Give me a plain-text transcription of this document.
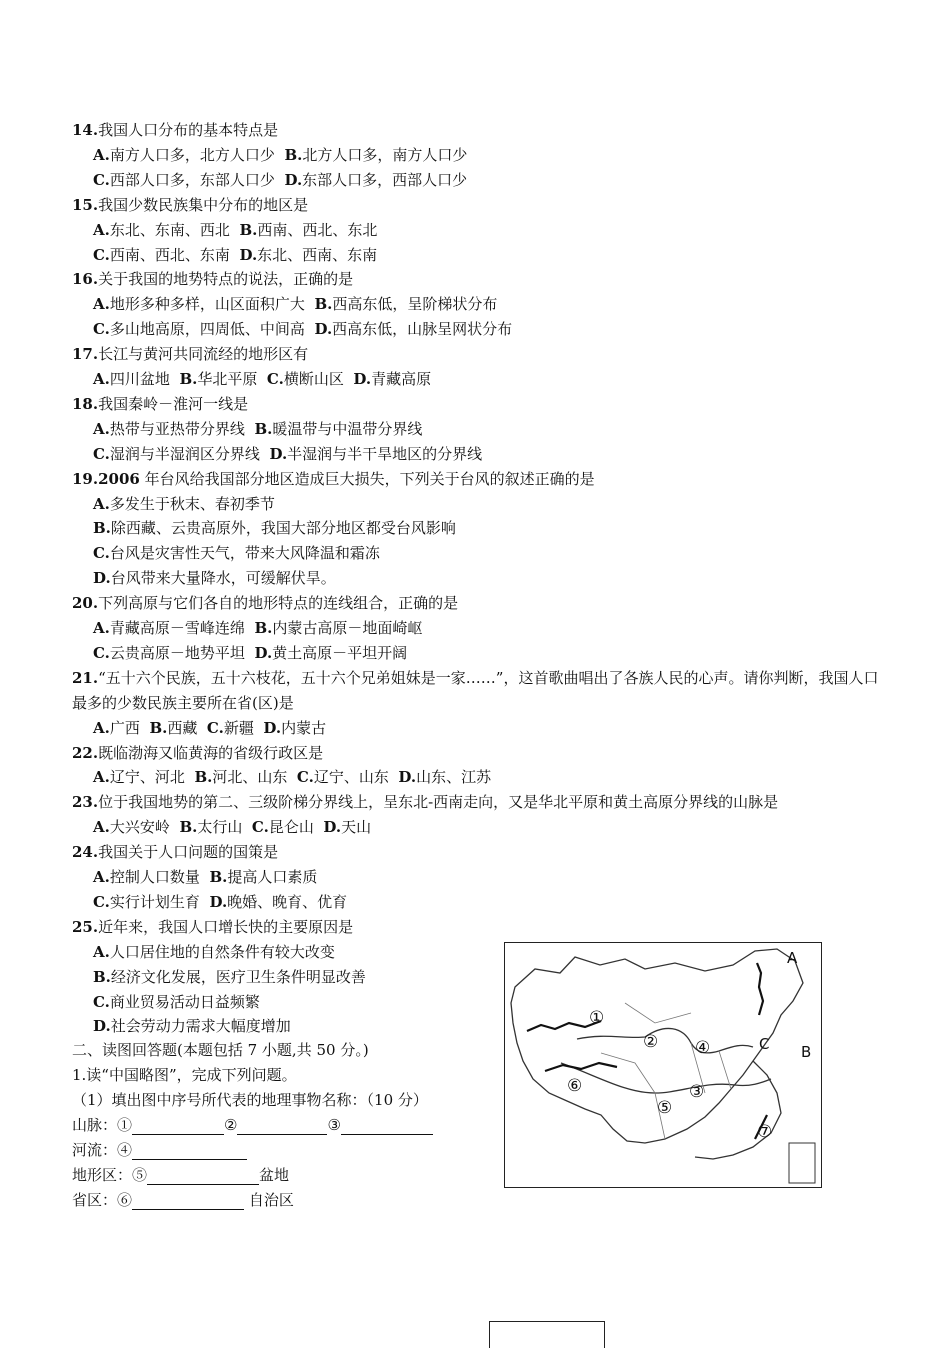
14.我国人口分布的基本特点是
A.南方人口多，北方人口少 B.北方人口多，南方人口少
C.西部人口多，东部人口少 D.东部人口多，西部人口少
15.我国少数民族集中分布的地区是
A.东北、东南、西北 B.西南、西北、东北
C.西南、西北、东南 D.东北、西南、东南
16.关于我国的地势特点的说法，正确的是
A.地形多种多样，山区面积广大 B.西高东低，呈阶梯状分布
C.多山地高原，四周低、中间高 D.西高东低，山脉呈网状分布
17.长江与黄河共同流经的地形区有
A.四川盆地 B.华北平原 C.横断山区 D.青藏高原
18.我国秦岭－淮河一线是
A.热带与亚热带分界线 B.暖温带与中温带分界线
C.湿润与半湿润区分界线 D.半湿润与半干旱地区的分界线
19.2006 年台风给我国部分地区造成巨大损失，下列关于台风的叙述正确的是
A.多发生于秋末、春初季节
B.除西藏、云贵高原外，我国大部分地区都受台风影响
C.台风是灾害性天气，带来大风降温和霜冻
D.台风带来大量降水，可缓解伏旱。
20.下列高原与它们各自的地形特点的连线组合，正确的是
A.青藏高原－雪峰连绵 B.内蒙古高原－地面崎岖
C.云贵高原－地势平坦 D.黄土高原－平坦开阔
21.“五十六个民族，五十六枝花，五十六个兄弟姐妹是一家……”，这首歌曲唱出了各族人民的心声。请你判断，我国人口最多的少数民族主要所在省(区)是
A.广西 B.西藏 C.新疆 D.内蒙古
22.既临渤海又临黄海的省级行政区是
A.辽宁、河北 B.河北、山东 C.辽宁、山东 D.山东、江苏
23.位于我国地势的第二、三级阶梯分界线上，呈东北-西南走向，又是华北平原和黄土高原分界线的山脉是
A.大兴安岭 B.太行山 C.昆仑山 D.天山
24.我国关于人口问题的国策是
A.控制人口数量 B.提高人口素质
C.实行计划生育 D.晚婚、晚育、优育
25.近年来，我国人口增长快的主要原因是
A.人口居住地的自然条件有较大改变
B.经济文化发展，医疗卫生条件明显改善
C.商业贸易活动日益频繁
D.社会劳动力需求大幅度增加
二、读图回答题(本题包括 7 小题,共 50 分。)
1.读“中国略图”，完成下列问题。
（1）填出图中序号所代表的地理事物名称：（10 分）
山脉：①	②	③
河流：④
地形区：⑤	盆地
省区：⑥	自治区
A
B
C
①
②
③
④
⑤
⑥
⑦
